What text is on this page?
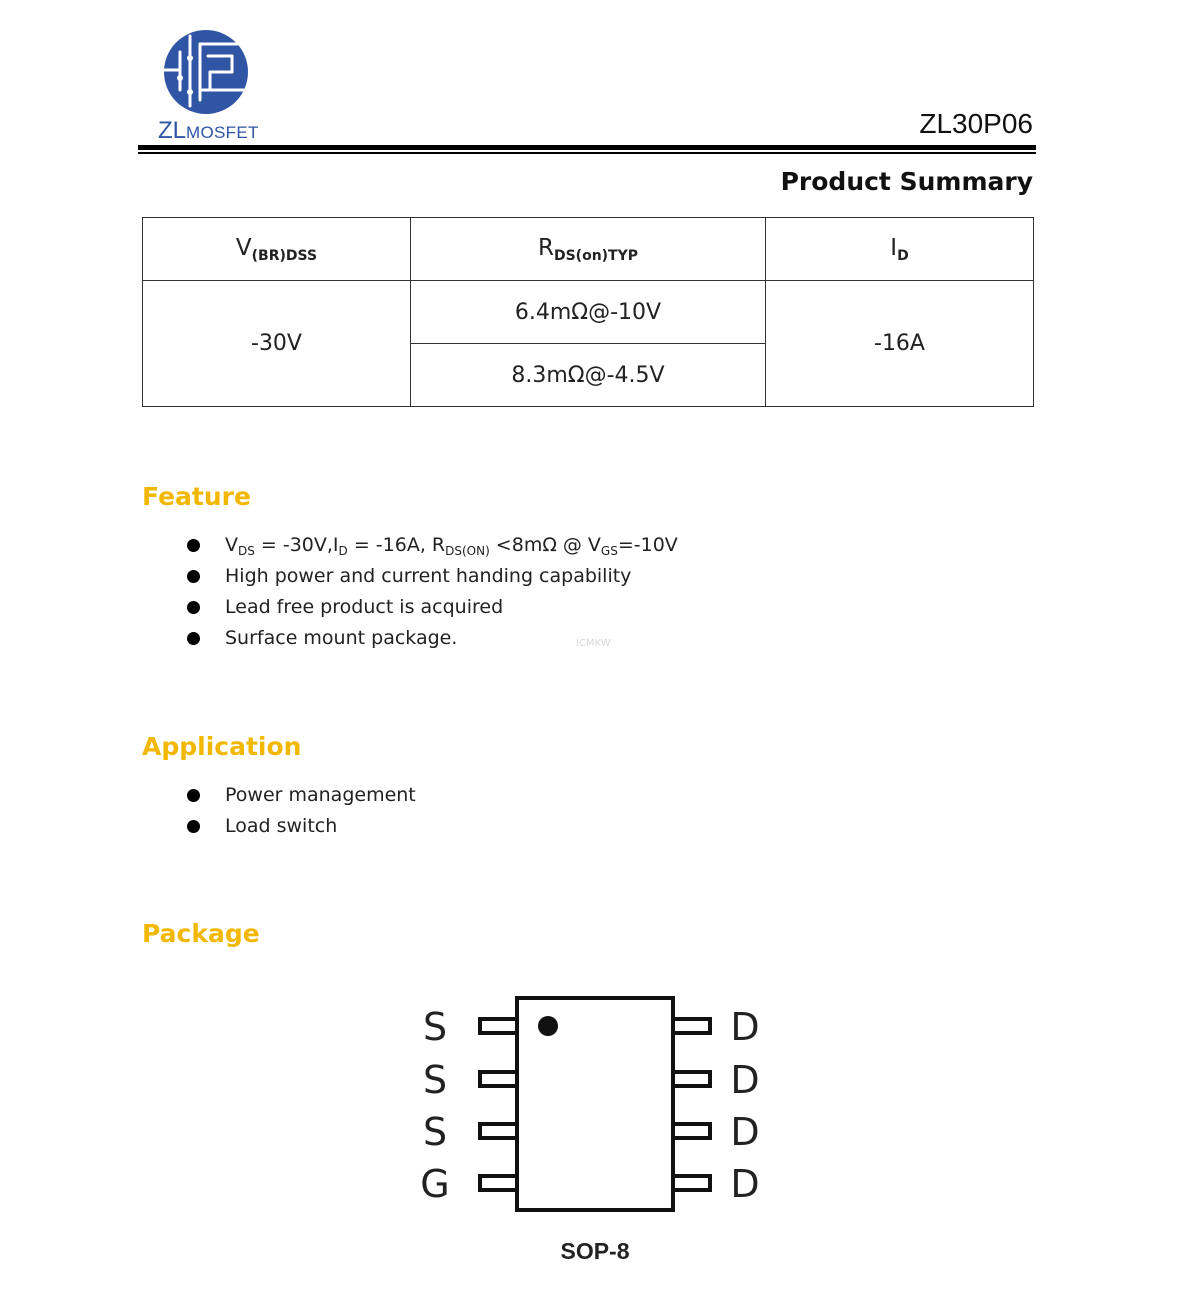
ZLMOSFET	ZL30P06
Product Summary
$V_{(BR)DSS}$	$R_{DS(on)TYP}$	$I_D$
-30V	6.4mΩ@-10V	-16A
	8.3mΩ@-4.5V	
Feature
$V_{DS} = -30V,I_D = -16A$, $R_{DS(ON)} <8m\Omega$ @ $V_{GS}=-10V$
High power and current handing capability
Lead free product is acquired
Surface mount package.	ICMKW
Application
Power management
Load switch
Package
S
S
S
G
D
D
D
D
SOP-8
